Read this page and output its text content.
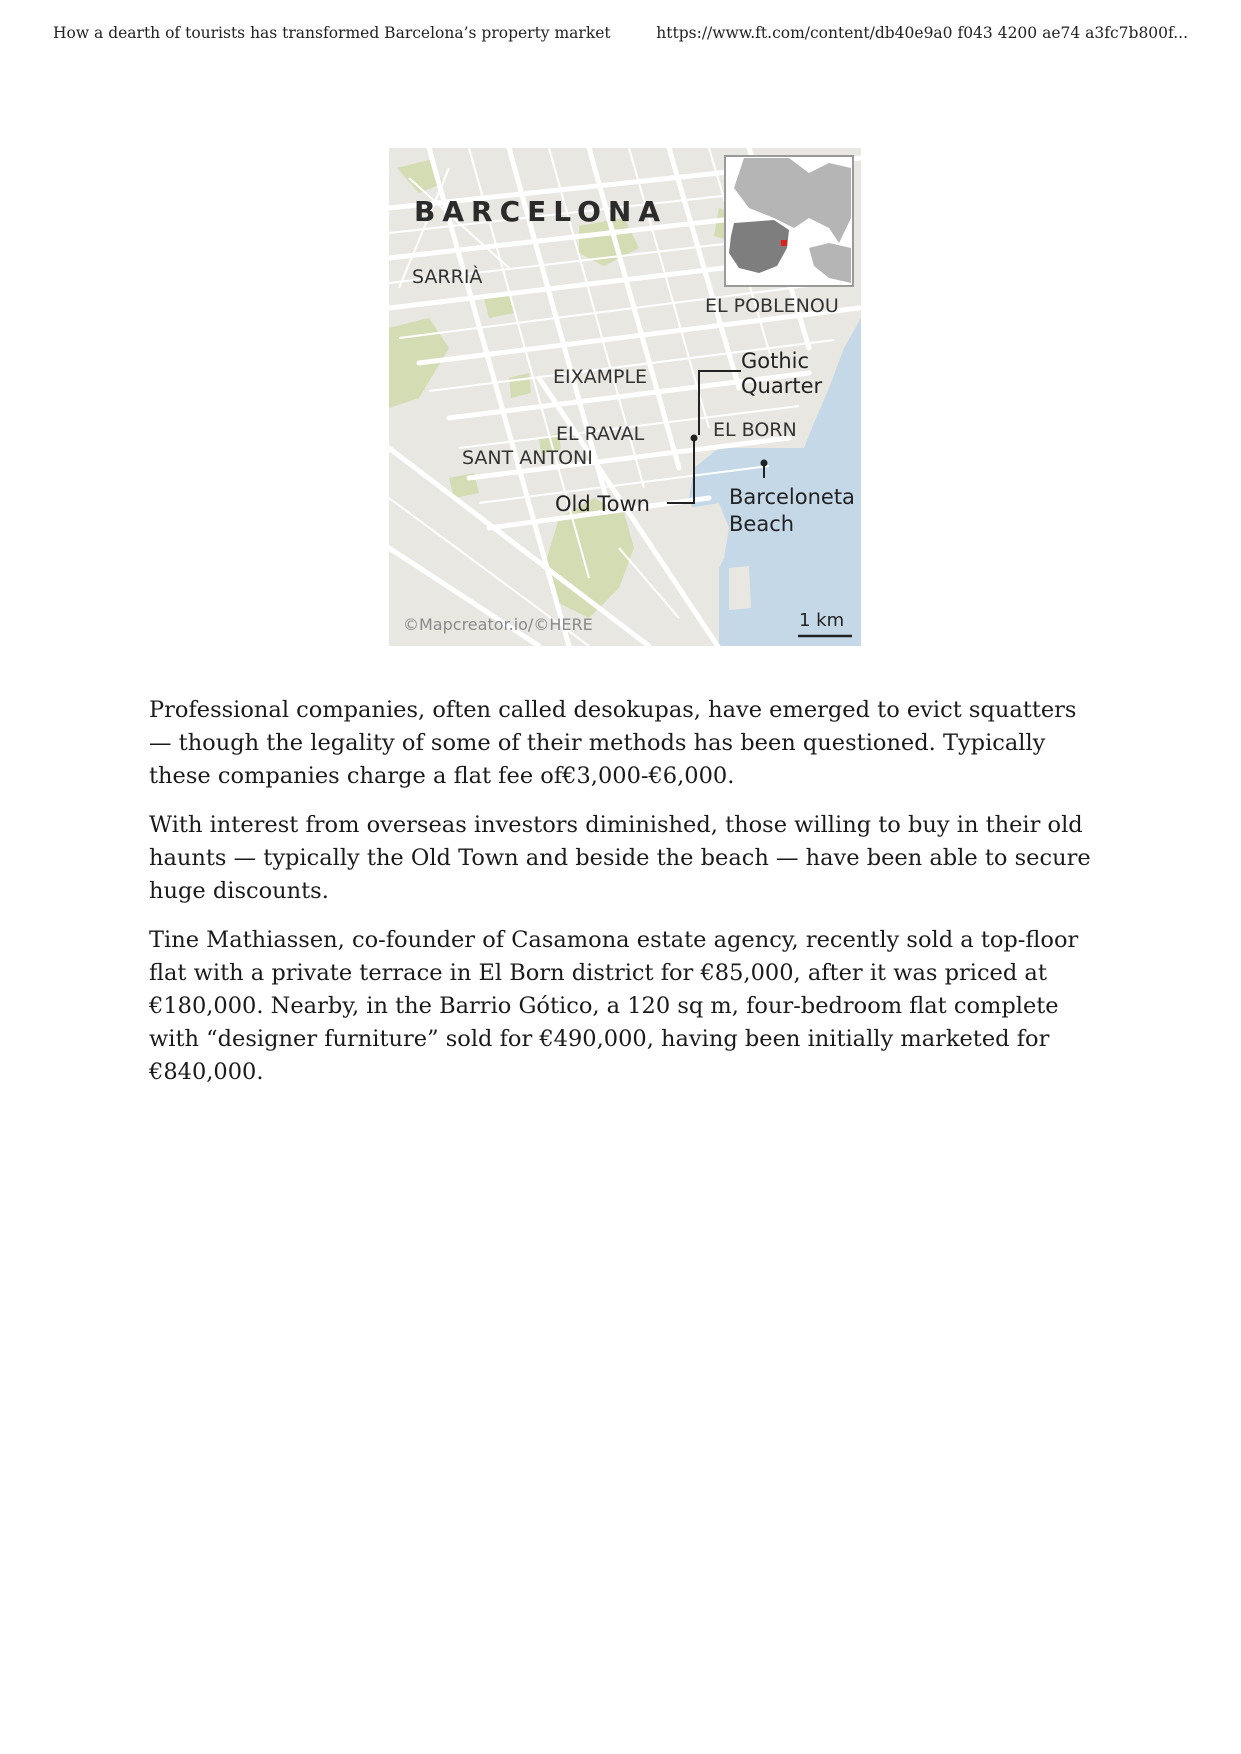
How a dearth of tourists has transformed Barcelona’s property market	https://www.ft.com/content/db40e9a0 f043 4200 ae74 a3fc7b800f...
BARCELONA
SARRIÀ
EL POBLENOU
EIXAMPLE
EL RAVAL
SANT ANTONI
EL BORN
Gothic
Quarter
Old Town	Barceloneta
Beach
©Mapcreator.io/©HERE	1 km

Professional companies, often called desokupas, have emerged to evict squatters — though the legality of some of their methods has been questioned. Typically these companies charge a flat fee of€3,000-€6,000.

With interest from overseas investors diminished, those willing to buy in their old haunts — typically the Old Town and beside the beach — have been able to secure huge discounts.

Tine Mathiassen, co-founder of Casamona estate agency, recently sold a top-floor flat with a private terrace in El Born district for €85,000, after it was priced at €180,000. Nearby, in the Barrio Gótico, a 120 sq m, four-bedroom flat complete with “designer furniture” sold for €490,000, having been initially marketed for €840,000.
